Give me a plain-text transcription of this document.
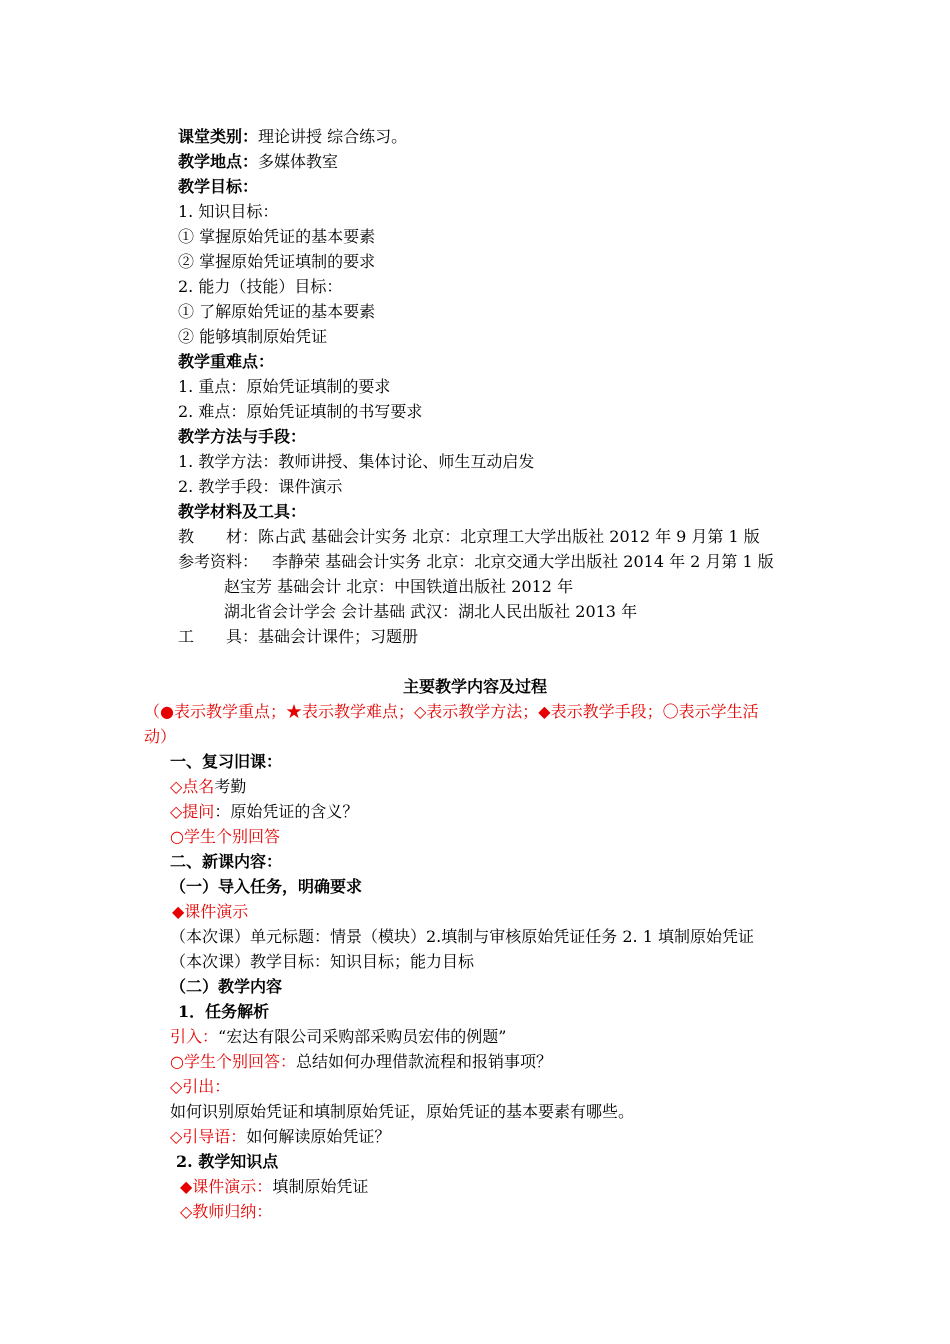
课堂类别：理论讲授 综合练习。
教学地点：多媒体教室
教学目标：
1. 知识目标：
① 掌握原始凭证的基本要素
② 掌握原始凭证填制的要求
2. 能力（技能）目标：
① 了解原始凭证的基本要素
② 能够填制原始凭证
教学重难点：
1. 重点：原始凭证填制的要求
2. 难点：原始凭证填制的书写要求
教学方法与手段：
1. 教学方法：教师讲授、集体讨论、师生互动启发
2. 教学手段：课件演示
教学材料及工具：
教　　材：陈占武 基础会计实务 北京：北京理工大学出版社 2012 年 9 月第 1 版
参考资料： 李静荣 基础会计实务 北京：北京交通大学出版社 2014 年 2 月第 1 版
赵宝芳 基础会计 北京：中国铁道出版社 2012 年
湖北省会计学会 会计基础 武汉：湖北人民出版社 2013 年
工　　具：基础会计课件；习题册
主要教学内容及过程
（●表示教学重点；★表示教学难点；◇表示教学方法；◆表示教学手段；〇表示学生活
动）
一、复习旧课：
◇点名考勤
◇提问：原始凭证的含义？
○学生个别回答
二、新课内容：
（一）导入任务，明确要求
◆课件演示
（本次课）单元标题：情景（模块）2.填制与审核原始凭证任务 2. 1 填制原始凭证
（本次课）教学目标：知识目标；能力目标
（二）教学内容
1．任务解析
引入：“宏达有限公司采购部采购员宏伟的例题”
○学生个别回答：总结如何办理借款流程和报销事项？
◇引出：
如何识别原始凭证和填制原始凭证，原始凭证的基本要素有哪些。
◇引导语：如何解读原始凭证？
2. 教学知识点
◆课件演示：填制原始凭证
◇教师归纳：
